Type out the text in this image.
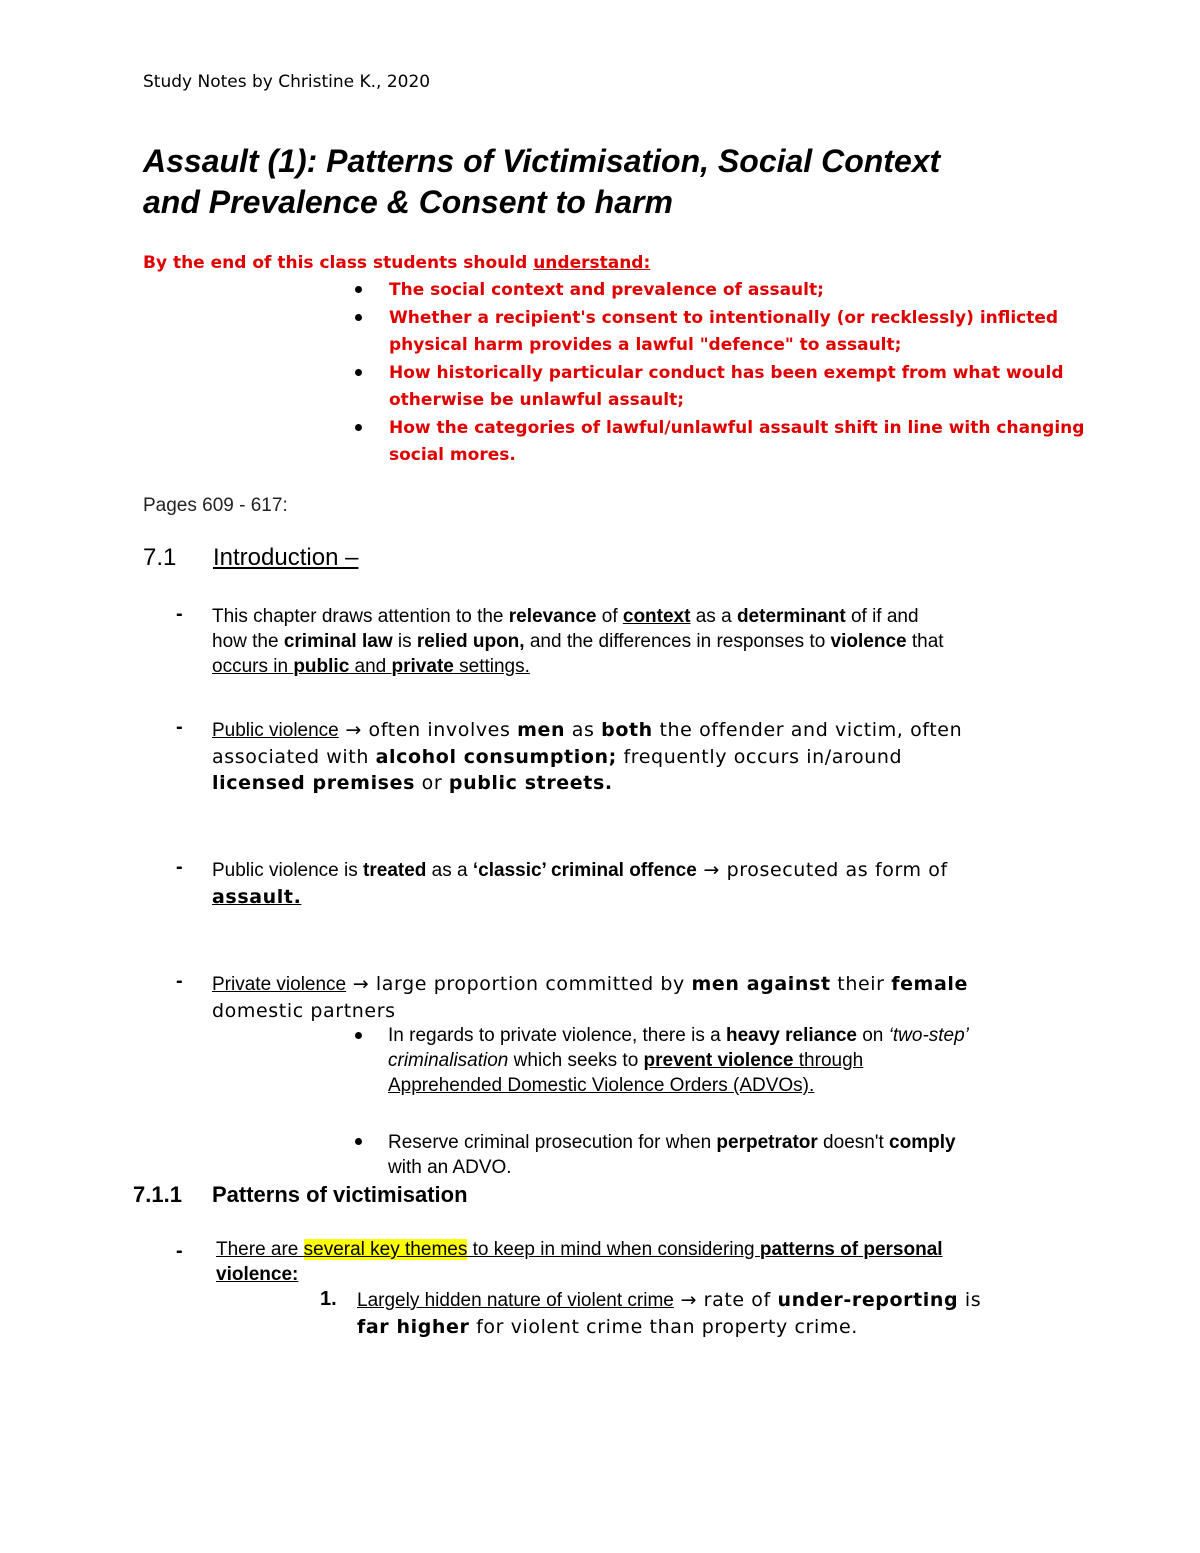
Study Notes by Christine K., 2020
Assault (1): Patterns of Victimisation, Social Context
and Prevalence & Consent to harm
By the end of this class students should understand:
The social context and prevalence of assault;
Whether a recipient's consent to intentionally (or recklessly) inflicted
physical harm provides a lawful "defence" to assault;
How historically particular conduct has been exempt from what would
otherwise be unlawful assault;
How the categories of lawful/unlawful assault shift in line with changing
social mores.
Pages 609 - 617:
7.1 Introduction –
- This chapter draws attention to the relevance of context as a determinant of if and
how the criminal law is relied upon, and the differences in responses to violence that
occurs in public and private settings.
- Public violence → often involves men as both the offender and victim, often
associated with alcohol consumption; frequently occurs in/around
licensed premises or public streets.
- Public violence is treated as a ‘classic’ criminal offence → prosecuted as form of
assault.
- Private violence → large proportion committed by men against their female
domestic partners
In regards to private violence, there is a heavy reliance on ‘two-step’
criminalisation which seeks to prevent violence through
Apprehended Domestic Violence Orders (ADVOs).
Reserve criminal prosecution for when perpetrator doesn't comply
with an ADVO.
7.1.1 Patterns of victimisation
- There are several key themes to keep in mind when considering patterns of personal
violence:
1. Largely hidden nature of violent crime → rate of under-reporting is
far higher for violent crime than property crime.
